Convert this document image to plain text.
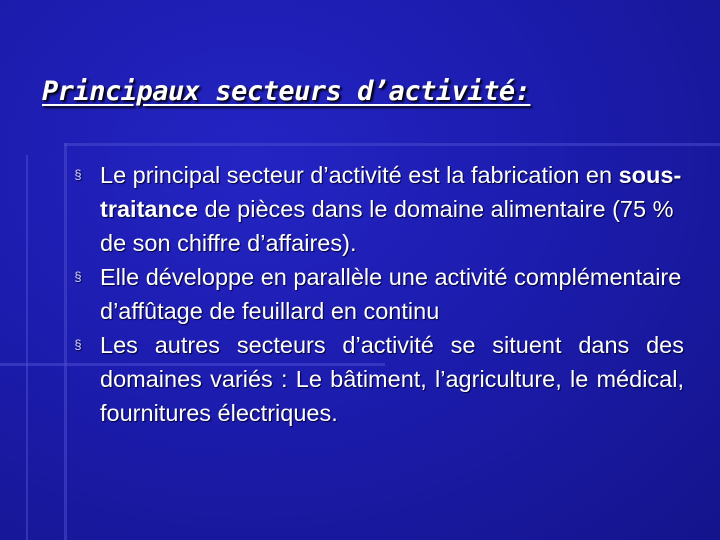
Principaux secteurs d’activité:
§ Le principal secteur d’activité est la fabrication en sous-traitance de pièces dans le domaine alimentaire (75 % de son chiffre d’affaires).
§ Elle développe en parallèle une activité complémentaire d’affûtage de feuillard en continu
§ Les autres secteurs d’activité se situent dans des domaines variés : Le bâtiment, l’agriculture, le médical, fournitures électriques.
